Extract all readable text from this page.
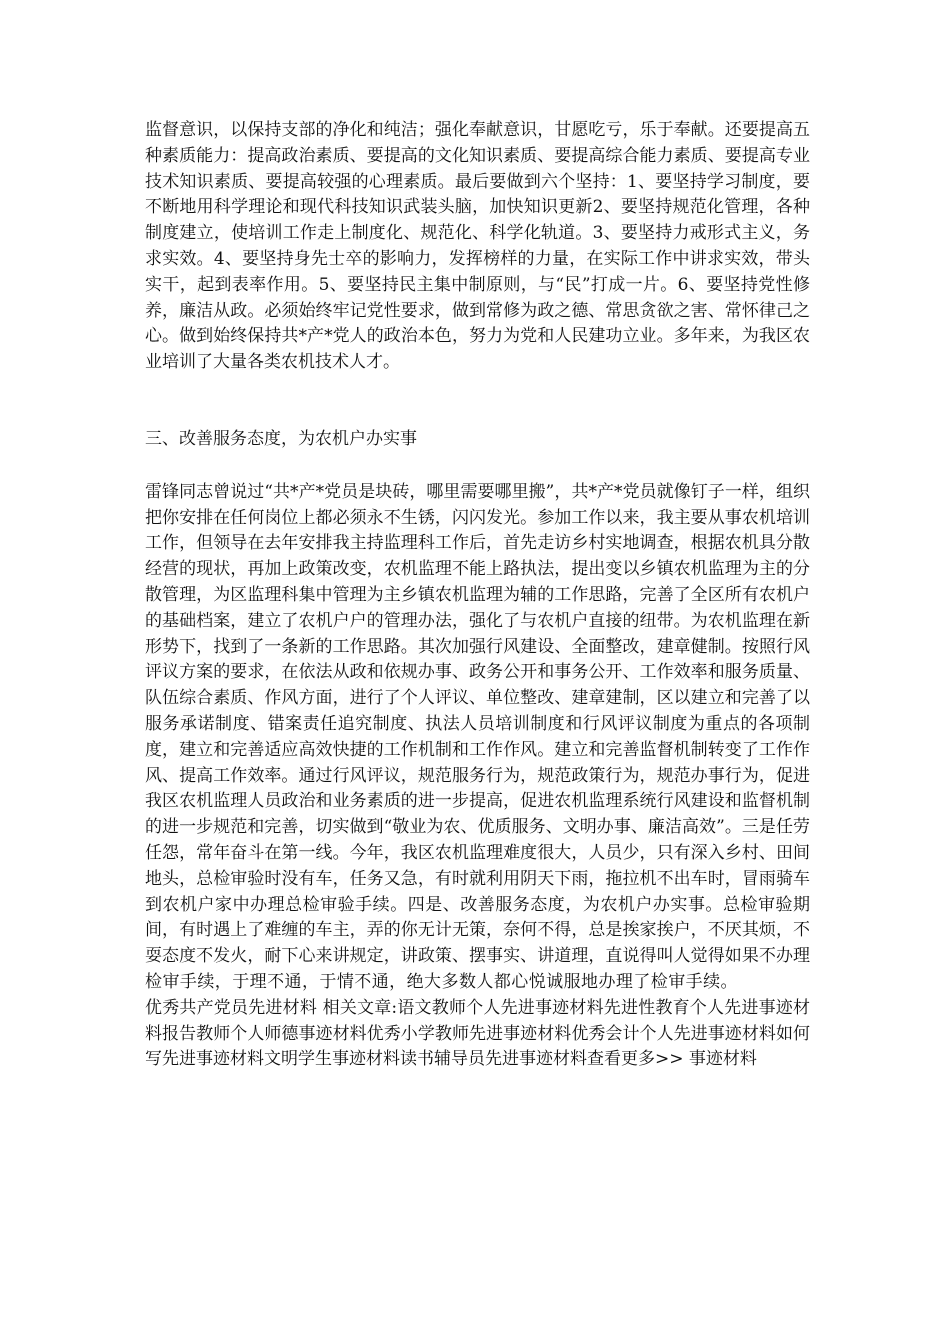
监督意识，以保持支部的净化和纯洁；强化奉献意识，甘愿吃亏，乐于奉献。还要提高五种素质能力：提高政治素质、要提高的文化知识素质、要提高综合能力素质、要提高专业技术知识素质、要提高较强的心理素质。最后要做到六个坚持：1、要坚持学习制度，要不断地用科学理论和现代科技知识武装头脑，加快知识更新2、要坚持规范化管理，各种制度建立，使培训工作走上制度化、规范化、科学化轨道。3、要坚持力戒形式主义，务求实效。4、要坚持身先士卒的影响力，发挥榜样的力量，在实际工作中讲求实效，带头实干，起到表率作用。5、要坚持民主集中制原则，与“民”打成一片。6、要坚持党性修养，廉洁从政。必须始终牢记党性要求，做到常修为政之德、常思贪欲之害、常怀律己之心。做到始终保持共*产*党人的政治本色，努力为党和人民建功立业。多年来，为我区农业培训了大量各类农机技术人才。

三、改善服务态度，为农机户办实事

雷锋同志曾说过“共*产*党员是块砖，哪里需要哪里搬”，共*产*党员就像钉子一样，组织把你安排在任何岗位上都必须永不生锈，闪闪发光。参加工作以来，我主要从事农机培训工作，但领导在去年安排我主持监理科工作后，首先走访乡村实地调查，根据农机具分散经营的现状，再加上政策改变，农机监理不能上路执法，提出变以乡镇农机监理为主的分散管理，为区监理科集中管理为主乡镇农机监理为辅的工作思路，完善了全区所有农机户的基础档案，建立了农机户户的管理办法，强化了与农机户直接的纽带。为农机监理在新形势下，找到了一条新的工作思路。其次加强行风建设、全面整改，建章健制。按照行风评议方案的要求，在依法从政和依规办事、政务公开和事务公开、工作效率和服务质量、队伍综合素质、作风方面，进行了个人评议、单位整改、建章建制，区以建立和完善了以服务承诺制度、错案责任追究制度、执法人员培训制度和行风评议制度为重点的各项制度，建立和完善适应高效快捷的工作机制和工作作风。建立和完善监督机制转变了工作作风、提高工作效率。通过行风评议，规范服务行为，规范政策行为，规范办事行为，促进我区农机监理人员政治和业务素质的进一步提高，促进农机监理系统行风建设和监督机制的进一步规范和完善，切实做到“敬业为农、优质服务、文明办事、廉洁高效”。三是任劳任怨，常年奋斗在第一线。今年，我区农机监理难度很大，人员少，只有深入乡村、田间地头，总检审验时没有车，任务又急，有时就利用阴天下雨，拖拉机不出车时，冒雨骑车到农机户家中办理总检审验手续。四是、改善服务态度，为农机户办实事。总检审验期间，有时遇上了难缠的车主，弄的你无计无策，奈何不得，总是挨家挨户，不厌其烦，不耍态度不发火，耐下心来讲规定，讲政策、摆事实、讲道理，直说得叫人觉得如果不办理检审手续，于理不通，于情不通，绝大多数人都心悦诚服地办理了检审手续。优秀共产党员先进材料 相关文章:语文教师个人先进事迹材料先进性教育个人先进事迹材料报告教师个人师德事迹材料优秀小学教师先进事迹材料优秀会计个人先进事迹材料如何写先进事迹材料文明学生事迹材料读书辅导员先进事迹材料查看更多>> 事迹材料
